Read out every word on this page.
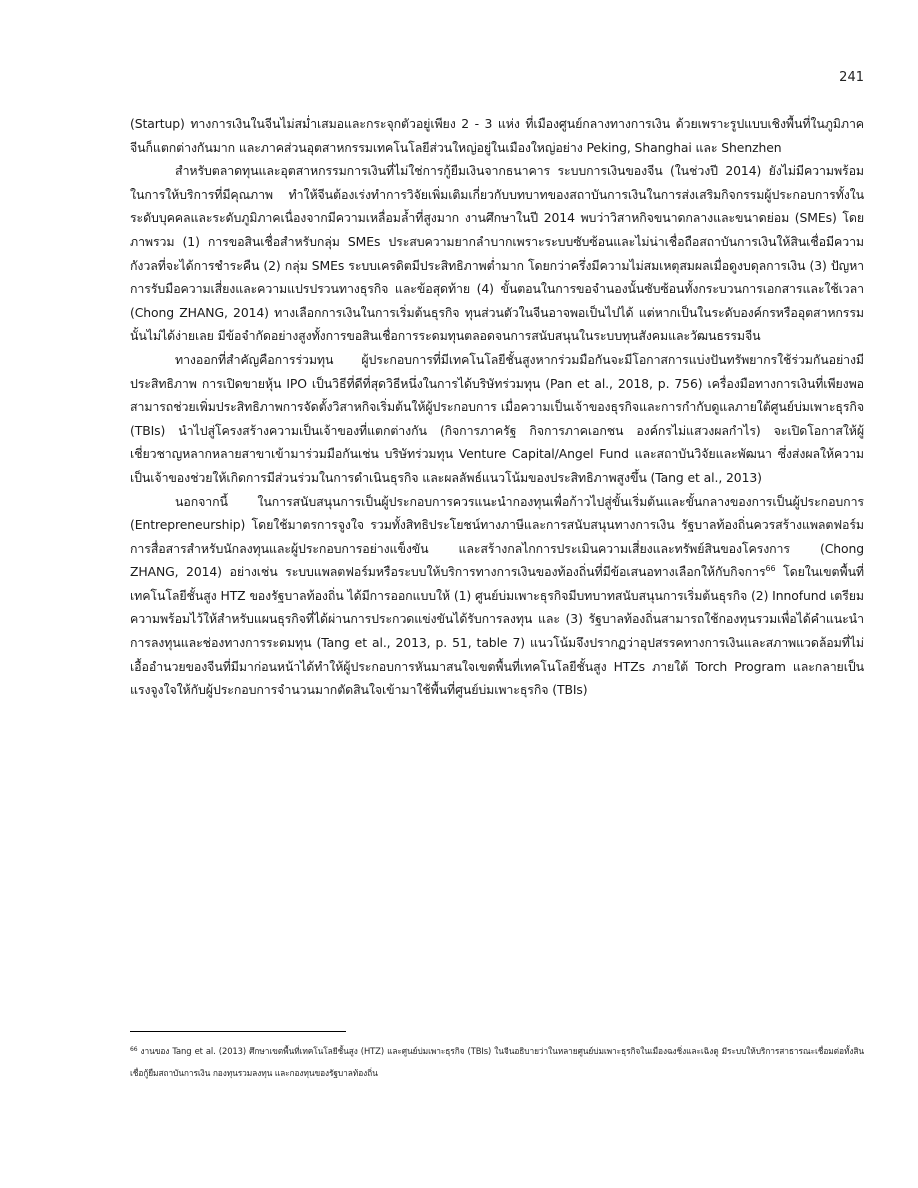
241

(Startup) ทางการเงินในจีนไม่สม่ำเสมอและกระจุกตัวอยู่เพียง 2 - 3 แห่ง ที่เมืองศูนย์กลางทางการเงิน ด้วยเพราะรูปแบบเชิงพื้นที่ในภูมิภาคจีนก็แตกต่างกันมาก และภาคส่วนอุตสาหกรรมเทคโนโลยีส่วนใหญ่อยู่ในเมืองใหญ่อย่าง Peking, Shanghai และ Shenzhen

สำหรับตลาดทุนและอุตสาหกรรมการเงินที่ไม่ใช่การกู้ยืมเงินจากธนาคาร ระบบการเงินของจีน (ในช่วงปี 2014) ยังไม่มีความพร้อมในการให้บริการที่มีคุณภาพ ทำให้จีนต้องเร่งทำการวิจัยเพิ่มเติมเกี่ยวกับบทบาทของสถาบันการเงินในการส่งเสริมกิจกรรมผู้ประกอบการทั้งในระดับบุคคลและระดับภูมิภาคเนื่องจากมีความเหลื่อมล้ำที่สูงมาก งานศึกษาในปี 2014 พบว่าวิสาหกิจขนาดกลางและขนาดย่อม (SMEs) โดยภาพรวม (1) การขอสินเชื่อสำหรับกลุ่ม SMEs ประสบความยากลำบากเพราะระบบซับซ้อนและไม่น่าเชื่อถือสถาบันการเงินให้สินเชื่อมีความกังวลที่จะได้การชำระคืน (2) กลุ่ม SMEs ระบบเครดิตมีประสิทธิภาพต่ำมาก โดยกว่าครึ่งมีความไม่สมเหตุสมผลเมื่อดูงบดุลการเงิน (3) ปัญหาการรับมือความเสี่ยงและความแปรปรวนทางธุรกิจ และข้อสุดท้าย (4) ขั้นตอนในการขอจำนองนั้นซับซ้อนทั้งกระบวนการเอกสารและใช้เวลา (Chong ZHANG, 2014) ทางเลือกการเงินในการเริ่มต้นธุรกิจ ทุนส่วนตัวในจีนอาจพอเป็นไปได้ แต่หากเป็นในระดับองค์กรหรืออุตสาหกรรมนั้นไม่ได้ง่ายเลย มีข้อจำกัดอย่างสูงทั้งการขอสินเชื่อการระดมทุนตลอดจนการสนับสนุนในระบบทุนสังคมและวัฒนธรรมจีน

ทางออกที่สำคัญคือการร่วมทุน ผู้ประกอบการที่มีเทคโนโลยีชั้นสูงหากร่วมมือกันจะมีโอกาสการแบ่งปันทรัพยากรใช้ร่วมกันอย่างมีประสิทธิภาพ การเปิดขายหุ้น IPO เป็นวิธีที่ดีที่สุดวิธีหนึ่งในการได้บริษัทร่วมทุน (Pan et al., 2018, p. 756) เครื่องมือทางการเงินที่เพียงพอสามารถช่วยเพิ่มประสิทธิภาพการจัดตั้งวิสาหกิจเริ่มต้นให้ผู้ประกอบการ เมื่อความเป็นเจ้าของธุรกิจและการกำกับดูแลภายใต้ศูนย์บ่มเพาะธุรกิจ (TBIs) นำไปสู่โครงสร้างความเป็นเจ้าของที่แตกต่างกัน (กิจการภาครัฐ กิจการภาคเอกชน องค์กรไม่แสวงผลกำไร) จะเปิดโอกาสให้ผู้เชี่ยวชาญหลากหลายสาขาเข้ามาร่วมมือกันเช่น บริษัทร่วมทุน Venture Capital/Angel Fund และสถาบันวิจัยและพัฒนา ซึ่งส่งผลให้ความเป็นเจ้าของช่วยให้เกิดการมีส่วนร่วมในการดำเนินธุรกิจ และผลลัพธ์แนวโน้มของประสิทธิภาพสูงขึ้น (Tang et al., 2013)

นอกจากนี้ ในการสนับสนุนการเป็นผู้ประกอบการควรแนะนำกองทุนเพื่อก้าวไปสู่ขั้นเริ่มต้นและขั้นกลางของการเป็นผู้ประกอบการ (Entrepreneurship) โดยใช้มาตรการจูงใจ รวมทั้งสิทธิประโยชน์ทางภาษีและการสนับสนุนทางการเงิน รัฐบาลท้องถิ่นควรสร้างแพลตฟอร์มการสื่อสารสำหรับนักลงทุนและผู้ประกอบการอย่างแข็งขัน และสร้างกลไกการประเมินความเสี่ยงและทรัพย์สินของโครงการ (Chong ZHANG, 2014) อย่างเช่น ระบบแพลตฟอร์มหรือระบบให้บริการทางการเงินของท้องถิ่นที่มีข้อเสนอทางเลือกให้กับกิจการ$^{66}$ โดยในเขตพื้นที่เทคโนโลยีชั้นสูง HTZ ของรัฐบาลท้องถิ่น ได้มีการออกแบบให้ (1) ศูนย์บ่มเพาะธุรกิจมีบทบาทสนับสนุนการเริ่มต้นธุรกิจ (2) Innofund เตรียมความพร้อมไว้ให้สำหรับแผนธุรกิจที่ได้ผ่านการประกวดแข่งขันได้รับการลงทุน และ (3) รัฐบาลท้องถิ่นสามารถใช้กองทุนรวมเพื่อได้คำแนะนำการลงทุนและช่องทางการระดมทุน (Tang et al., 2013, p. 51, table 7) แนวโน้มจึงปรากฏว่าอุปสรรคทางการเงินและสภาพแวดล้อมที่ไม่เอื้ออำนวยของจีนที่มีมาก่อนหน้าได้ทำให้ผู้ประกอบการหันมาสนใจเขตพื้นที่เทคโนโลยีชั้นสูง HTZs ภายใต้ Torch Program และกลายเป็นแรงจูงใจให้กับผู้ประกอบการจำนวนมากตัดสินใจเข้ามาใช้พื้นที่ศูนย์บ่มเพาะธุรกิจ (TBIs)

$^{66}$ งานของ Tang et al. (2013) ศึกษาเขตพื้นที่เทคโนโลยีชั้นสูง (HTZ) และศูนย์บ่มเพาะธุรกิจ (TBIs) ในจีนอธิบายว่าในหลายศูนย์บ่มเพาะธุรกิจในเมืองฉงชิ่งและเฉิงตู มีระบบให้บริการสาธารณะเชื่อมต่อทั้งสินเชื่อกู้ยืมสถาบันการเงิน กองทุนรวมลงทุน และกองทุนของรัฐบาลท้องถิ่น
